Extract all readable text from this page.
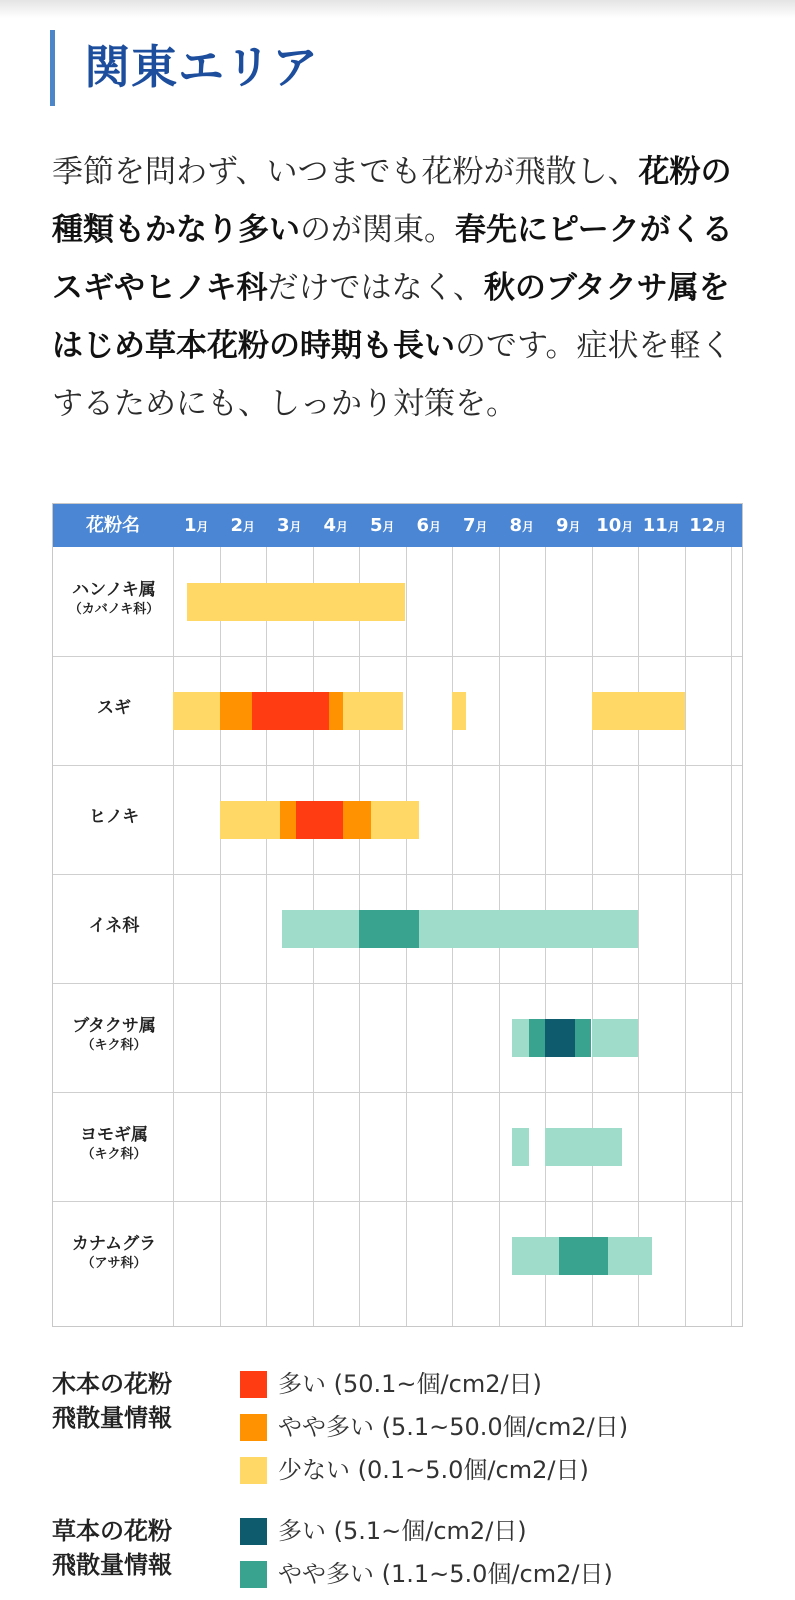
関東エリア

季節を問わず、いつまでも花粉が飛散し、花粉の種類もかなり多いのが関東。春先にピークがくるスギやヒノキ科だけではなく、秋のブタクサ属をはじめ草本花粉の時期も長いのです。症状を軽くするためにも、しっかり対策を。

花粉名	1月	2月	3月	4月	5月	6月	7月	8月	9月 10月 11月 12月
ハンノキ属
（カバノキ科）
スギ
ヒノキ
イネ科
ブタクサ属
（キク科）
ヨモギ属
（キク科）
カナムグラ
（アサ科）
木本の花粉
飛散量情報
多い (50.1~個/cm2/日)
やや多い (5.1~50.0個/cm2/日)
少ない (0.1~5.0個/cm2/日)
草本の花粉
飛散量情報
多い (5.1~個/cm2/日)
やや多い (1.1~5.0個/cm2/日)
